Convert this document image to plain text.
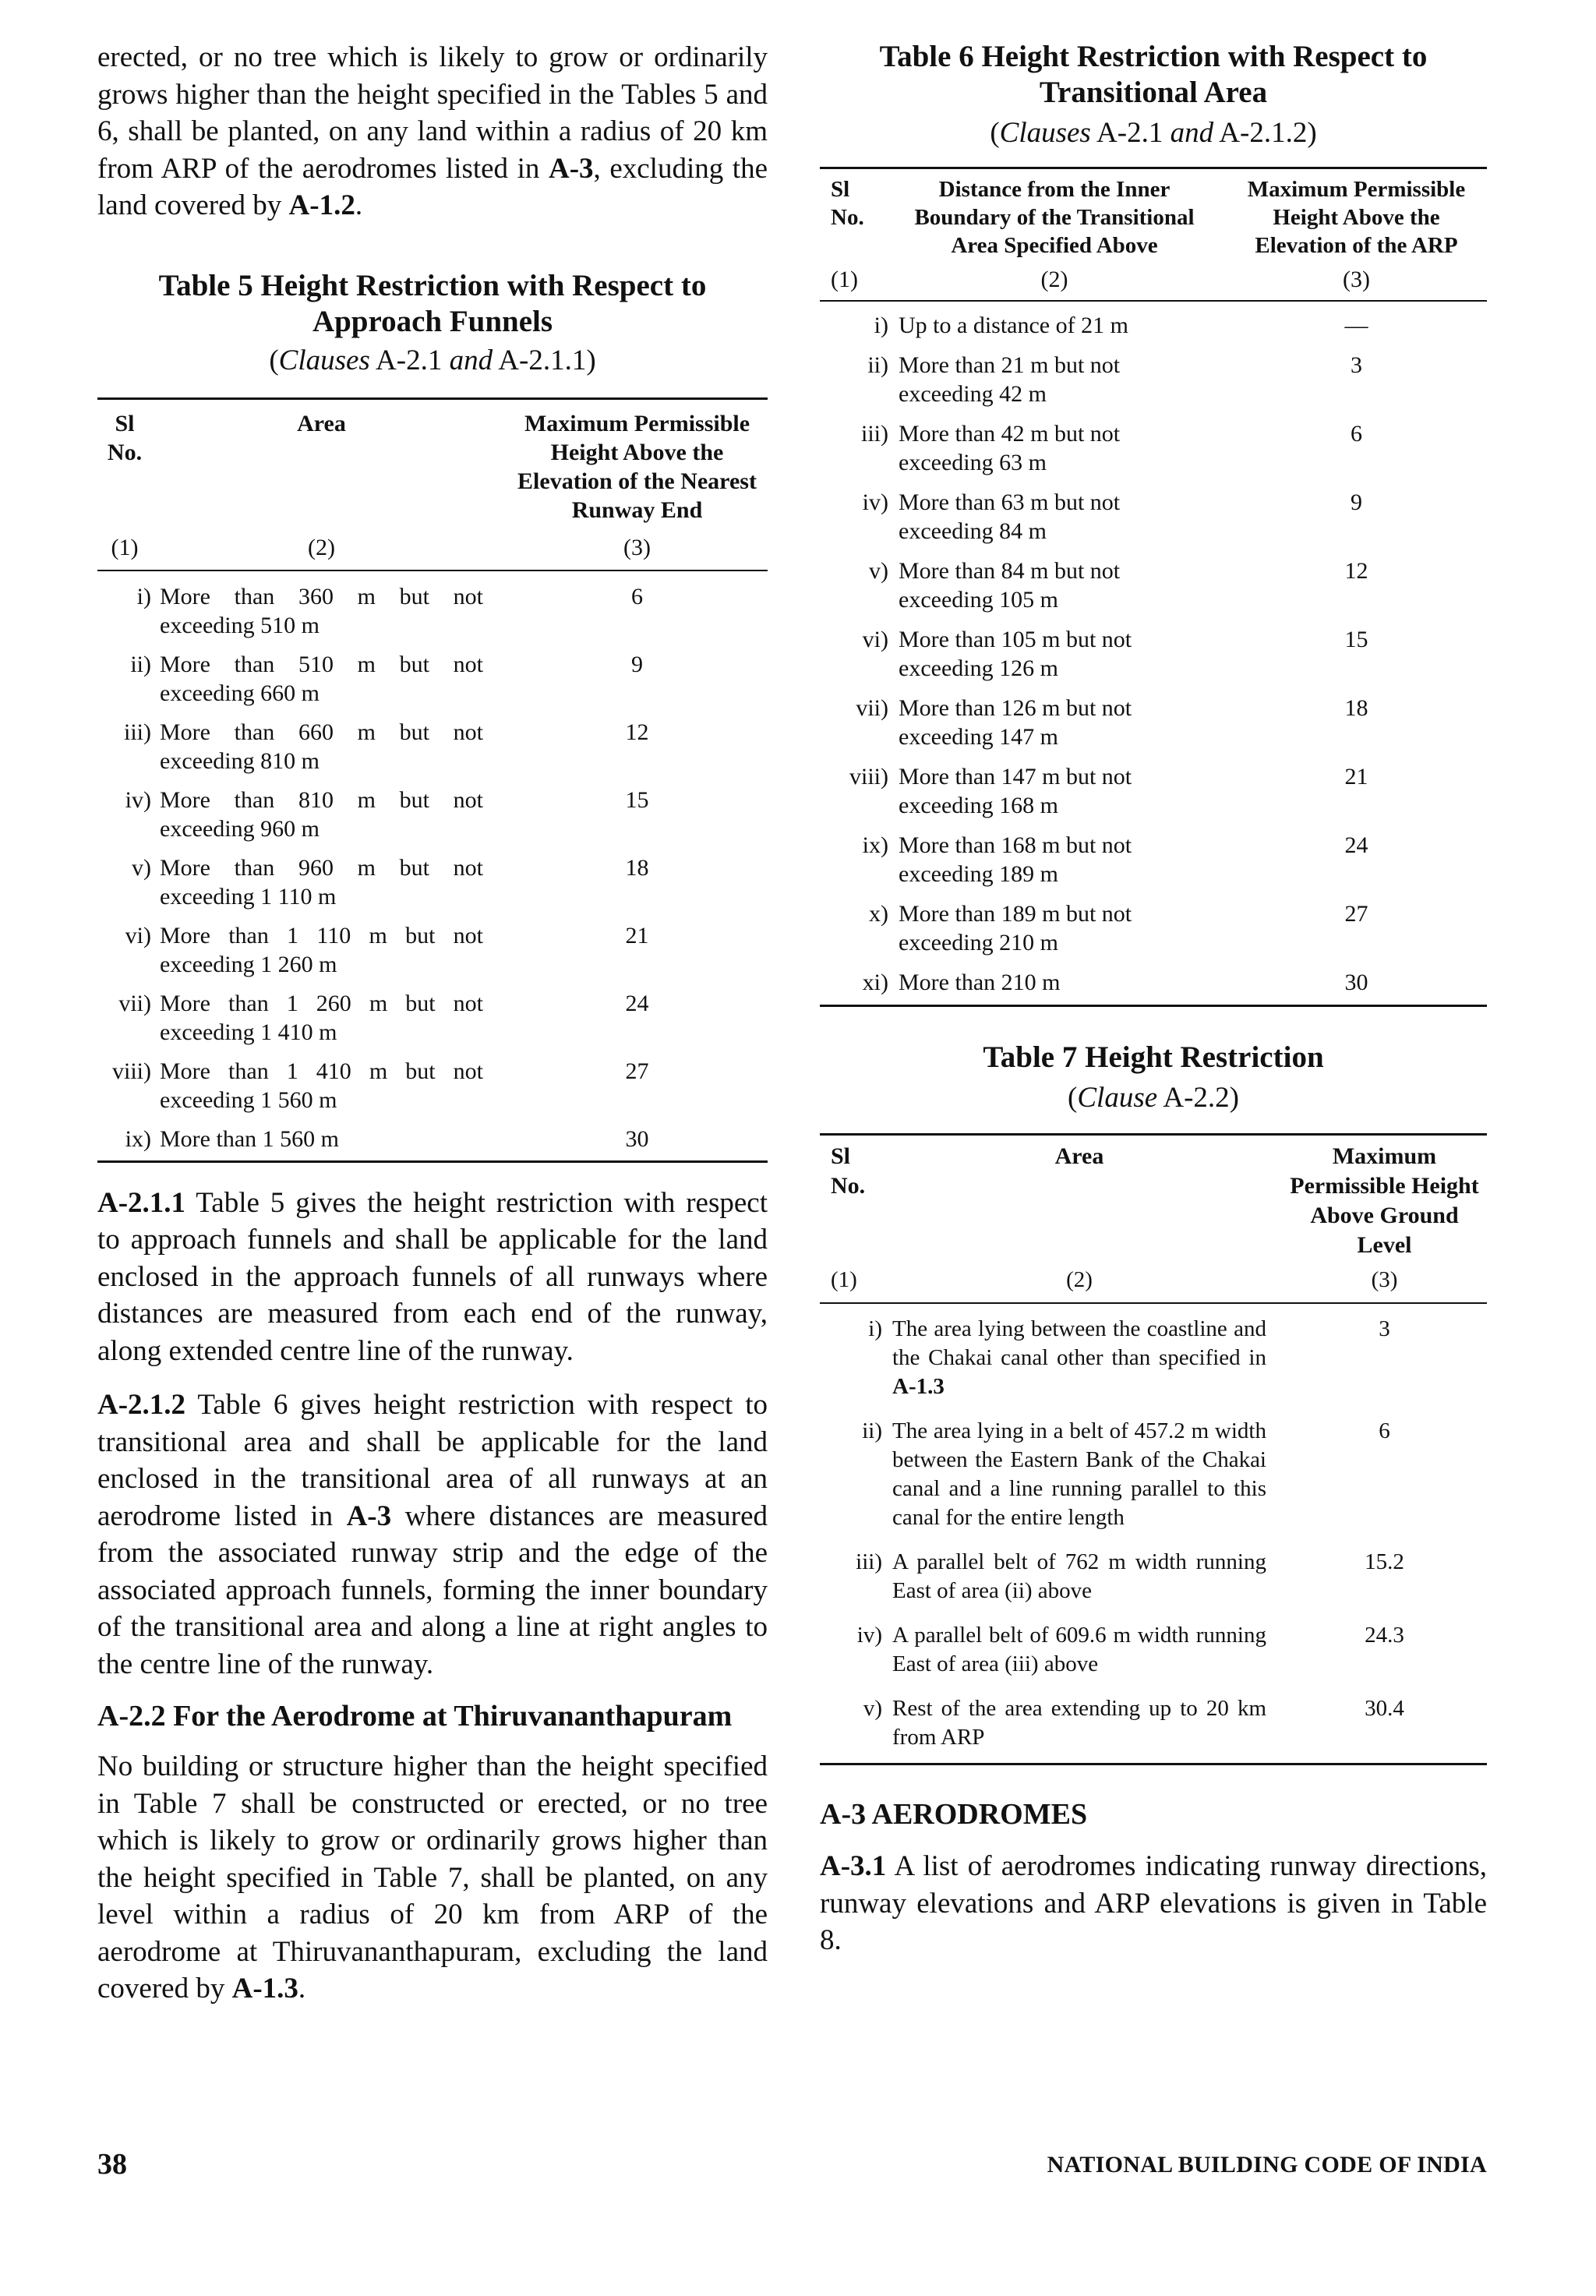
erected, or no tree which is likely to grow or ordinarily grows higher than the height specified in the Tables 5 and 6, shall be planted, on any land within a radius of 20 km from ARP of the aerodromes listed in A-3, excluding the land covered by A-1.2.

Table 5 Height Restriction with Respect to
Approach Funnels
(Clauses A-2.1 and A-2.1.1)
Sl No.	Area	Maximum Permissible Height Above the Elevation of the Nearest Runway End
(1)	(2)	(3)

i)	More than 360 m but not exceeding 510 m	6
ii)	More than 510 m but not exceeding 660 m	9
iii)	More than 660 m but not exceeding 810 m	12
iv)	More than 810 m but not exceeding 960 m	15
v)	More than 960 m but not exceeding 1 110 m	18
vi)	More than 1 110 m but not exceeding 1 260 m	21
vii)	More than 1 260 m but not exceeding 1 410 m	24
viii)	More than 1 410 m but not exceeding 1 560 m	27
ix)	More than 1 560 m	30

A-2.1.1 Table 5 gives the height restriction with respect to approach funnels and shall be applicable for the land enclosed in the approach funnels of all runways where distances are measured from each end of the runway, along extended centre line of the runway.

A-2.1.2 Table 6 gives height restriction with respect to transitional area and shall be applicable for the land enclosed in the transitional area of all runways at an aerodrome listed in A-3 where distances are measured from the associated runway strip and the edge of the associated approach funnels, forming the inner boundary of the transitional area and along a line at right angles to the centre line of the runway.

A-2.2 For the Aerodrome at Thiruvananthapuram

No building or structure higher than the height specified in Table 7 shall be constructed or erected, or no tree which is likely to grow or ordinarily grows higher than the height specified in Table 7, shall be planted, on any level within a radius of 20 km from ARP of the aerodrome at Thiruvananthapuram, excluding the land covered by A-1.3.

Table 6 Height Restriction with Respect to
Transitional Area
(Clauses A-2.1 and A-2.1.2)
Sl No.	Distance from the Inner Boundary of the Transitional Area Specified Above	Maximum Permissible Height Above the Elevation of the ARP
(1)	(2)	(3)

i)	Up to a distance of 21 m	—
ii)	More than 21 m but not exceeding 42 m	3
iii)	More than 42 m but not exceeding 63 m	6
iv)	More than 63 m but not exceeding 84 m	9
v)	More than 84 m but not exceeding 105 m	12
vi)	More than 105 m but not exceeding 126 m	15
vii)	More than 126 m but not exceeding 147 m	18
viii)	More than 147 m but not exceeding 168 m	21
ix)	More than 168 m but not exceeding 189 m	24
x)	More than 189 m but not exceeding 210 m	27
xi)	More than 210 m	30
Table 7 Height Restriction
(Clause A-2.2)
Sl No.	Area	Maximum Permissible Height Above Ground Level
(1)	(2)	(3)

i)	The area lying between the coastline and the Chakai canal other than specified in A-1.3	3
ii)	The area lying in a belt of 457.2 m width between the Eastern Bank of the Chakai canal and a line running parallel to this canal for the entire length	6
iii)	A parallel belt of 762 m width running East of area (ii) above	15.2
iv)	A parallel belt of 609.6 m width running East of area (iii) above	24.3
v)	Rest of the area extending up to 20 km from ARP	30.4

A-3 AERODROMES

A-3.1 A list of aerodromes indicating runway directions, runway elevations and ARP elevations is given in Table 8.

38	NATIONAL BUILDING CODE OF INDIA
